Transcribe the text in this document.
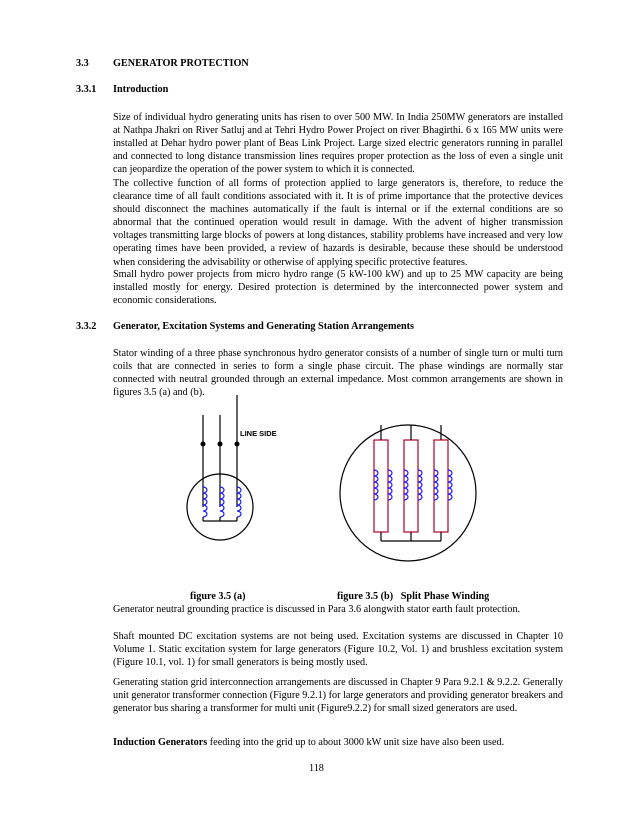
3.3 GENERATOR PROTECTION
3.3.1 Introduction

Size of individual hydro generating units has risen to over 500 MW. In India 250MW generators are installed at Nathpa Jhakri on River Satluj and at Tehri Hydro Power Project on river Bhagirthi. 6 x 165 MW units were installed at Dehar hydro power plant of Beas Link Project. Large sized electric generators running in parallel and connected to long distance transmission lines requires proper protection as the loss of even a single unit can jeopardize the operation of the power system to which it is connected.

The collective function of all forms of protection applied to large generators is, therefore, to reduce the clearance time of all fault conditions associated with it. It is of prime importance that the protective devices should disconnect the machines automatically if the fault is internal or if the external conditions are so abnormal that the continued operation would result in damage. With the advent of higher transmission voltages transmitting large blocks of powers at long distances, stability problems have increased and very low operating times have been provided, a review of hazards is desirable, because these should be understood when considering the advisability or otherwise of applying specific protective features.

Small hydro power projects from micro hydro range (5 kW-100 kW) and up to 25 MW capacity are being installed mostly for energy. Desired protection is determined by the interconnected power system and economic considerations.

3.3.2 Generator, Excitation Systems and Generating Station Arrangements

Stator winding of a three phase synchronous hydro generator consists of a number of single turn or multi turn coils that are connected in series to form a single phase circuit. The phase windings are normally star connected with neutral grounded through an external impedance. Most common arrangements are shown in figures 3.5 (a) and (b).

LINE SIDE
figure 3.5 (a)	figure 3.5 (b)   Split Phase Winding

Generator neutral grounding practice is discussed in Para 3.6 alongwith stator earth fault protection.

Shaft mounted DC excitation systems are not being used. Excitation systems are discussed in Chapter 10 Volume 1. Static excitation system for large generators (Figure 10.2, Vol. 1) and brushless excitation system (Figure 10.1, vol. 1) for small generators is being mostly used.

Generating station grid interconnection arrangements are discussed in Chapter 9 Para 9.2.1 & 9.2.2. Generally unit generator transformer connection (Figure 9.2.1) for large generators and providing generator breakers and generator bus sharing a transformer for multi unit (Figure9.2.2) for small sized generators are used.

Induction Generators feeding into the grid up to about 3000 kW unit size have also been used.

118
